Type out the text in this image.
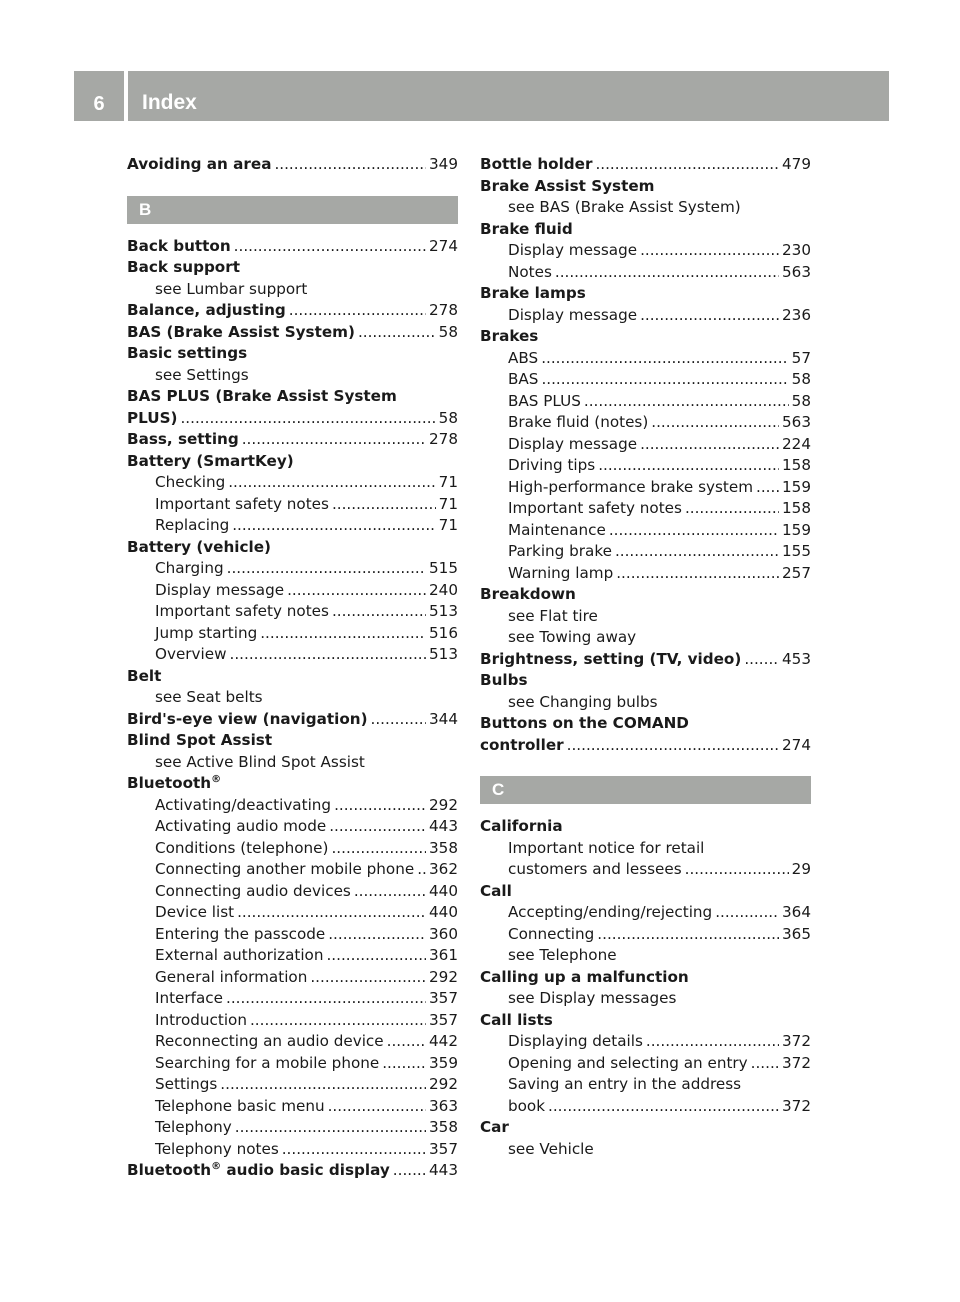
6	Index
Avoiding an area .....	349
B
Back button .....	274
Back support
see Lumbar support
Balance, adjusting .....	278
BAS (Brake Assist System) .....	58
Basic settings
see Settings
BAS PLUS (Brake Assist System
PLUS) .....	58
Bass, setting .....	278
Battery (SmartKey)
Checking .....	71
Important safety notes .....	71
Replacing .....	71
Battery (vehicle)
Charging .....	515
Display message .....	240
Important safety notes .....	513
Jump starting .....	516
Overview .....	513
Belt
see Seat belts
Bird's-eye view (navigation) .....	344
Blind Spot Assist
see Active Blind Spot Assist
Bluetooth®
Activating/deactivating .....	292
Activating audio mode .....	443
Conditions (telephone) .....	358
Connecting another mobile phone ..... 362
Connecting audio devices .....	440
Device list .....	440
Entering the passcode .....	360
External authorization .....	361
General information .....	292
Interface .....	357
Introduction .....	357
Reconnecting an audio device .....	442
Searching for a mobile phone .....	359
Settings .....	292
Telephone basic menu .....	363
Telephony .....	358
Telephony notes .....	357
Bluetooth® audio basic display .....	443
Bottle holder .....	479
Brake Assist System
see BAS (Brake Assist System)
Brake fluid
Display message .....	230
Notes .....	563
Brake lamps
Display message .....	236
Brakes
ABS .....	57
BAS .....	58
BAS PLUS .....	58
Brake fluid (notes) .....	563
Display message .....	224
Driving tips .....	158
High-performance brake system ..... 159
Important safety notes .....	158
Maintenance .....	159
Parking brake .....	155
Warning lamp .....	257
Breakdown
see Flat tire
see Towing away
Brightness, setting (TV, video) .....	453
Bulbs
see Changing bulbs
Buttons on the COMAND
controller .....	274
C
California
Important notice for retail
customers and lessees .....	29
Call
Accepting/ending/rejecting .....	364
Connecting .....	365
see Telephone
Calling up a malfunction
see Display messages
Call lists
Displaying details .....	372
Opening and selecting an entry ..... 372
Saving an entry in the address
book .....	372
Car
see Vehicle
